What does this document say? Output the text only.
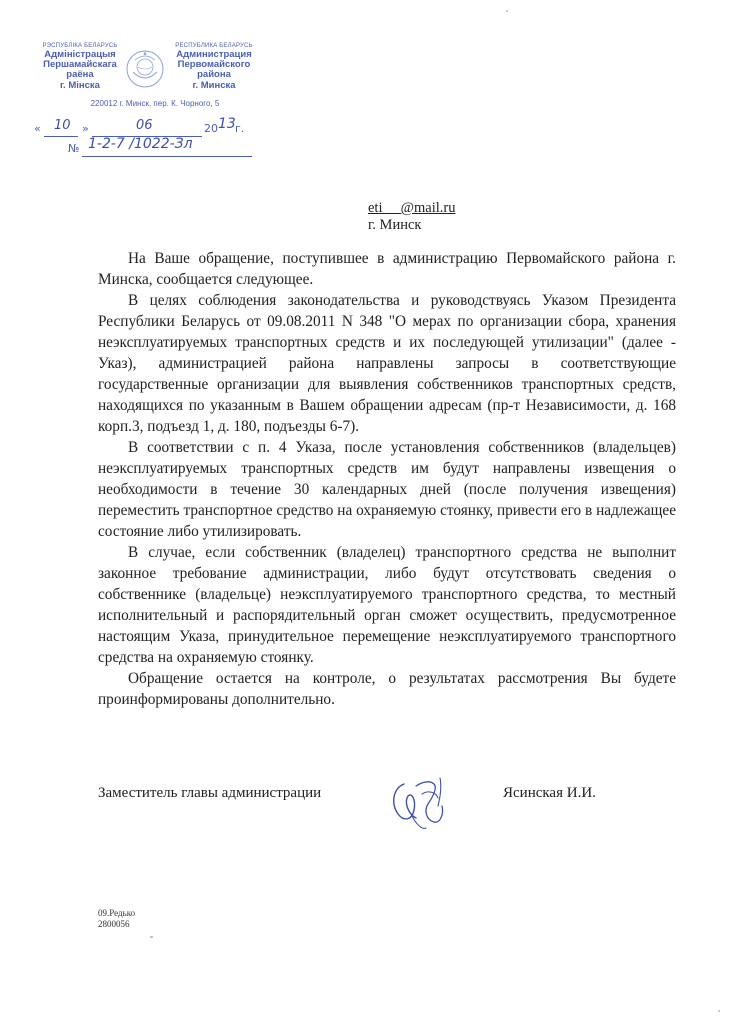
РЭСПУБЛІКА БЕЛАРУСЬ
Адміністрацыя
Першамайскага
раёна
г. Мінска
РЕСПУБЛИКА БЕЛАРУСЬ
Администрация
Первомайского
района
г. Минска
220012 г. Минск, пер. К. Чорного, 5
« 10 »	06	20 13 г.
№ 1-2-7 /1022-Зл
eti @mail.ru
г. Минск

На Ваше обращение, поступившее в администрацию Первомайского района г. Минска, сообщается следующее.

В целях соблюдения законодательства и руководствуясь Указом Президента Республики Беларусь от 09.08.2011 N 348 "О мерах по организации сбора, хранения неэксплуатируемых транспортных средств и их последующей утилизации" (далее - Указ), администрацией района направлены запросы в соответствующие государственные организации для выявления собственников транспортных средств, находящихся по указанным в Вашем обращении адресам (пр-т Независимости, д. 168 корп.3, подъезд 1, д. 180, подъезды 6-7).

В соответствии с п. 4 Указа, после установления собственников (владельцев) неэксплуатируемых транспортных средств им будут направлены извещения о необходимости в течение 30 календарных дней (после получения извещения) переместить транспортное средство на охраняемую стоянку, привести его в надлежащее состояние либо утилизировать.

В случае, если собственник (владелец) транспортного средства не выполнит законное требование администрации, либо будут отсутствовать сведения о собственнике (владельце) неэксплуатируемого транспортного средства, то местный исполнительный и распорядительный орган сможет осуществить, предусмотренное настоящим Указа, принудительное перемещение неэксплуатируемого транспортного средства на охраняемую стоянку.

Обращение остается на контроле, о результатах рассмотрения Вы будете проинформированы дополнительно.

Заместитель главы администрации	Ясинская И.И.
09.Редько
2800056
